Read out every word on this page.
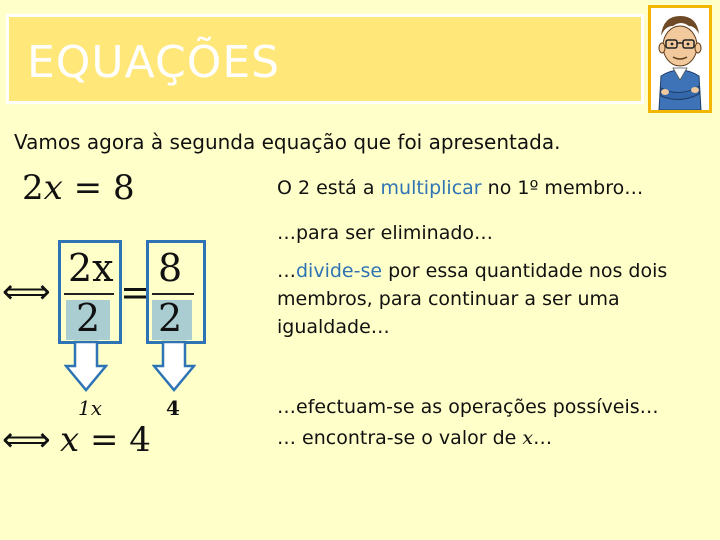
EQUAÇÕES
Vamos agora à segunda equação que foi apresentada.
2x = 8
⟺
⟺
2x
2
=
8
2
1x	4
x = 4
O 2 está a multiplicar no 1º membro…
…para ser eliminado…
…divide-se por essa quantidade nos dois membros, para continuar a ser uma igualdade…
…efectuam-se as operações possíveis…
… encontra-se o valor de x…
